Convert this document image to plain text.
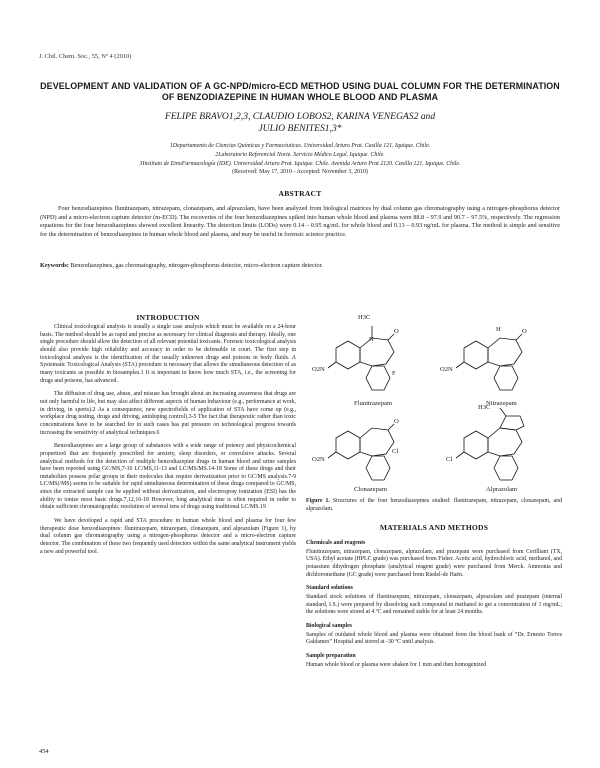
J. Chil. Chem. Soc., 55, Nº 4 (2010)
DEVELOPMENT AND VALIDATION OF A GC-NPD/micro-ECD METHOD USING DUAL COLUMN FOR THE DETERMINATION OF BENZODIAZEPINE IN HUMAN WHOLE BLOOD AND PLASMA
FELIPE BRAVO1,2,3, CLAUDIO LOBOS2, KARINA VENEGAS2 and
JULIO BENITES1,3*
1Departamento de Ciencias Químicas y Farmacéuticas. Universidad Arturo Prat. Casilla 121. Iquique. Chile.
2Laboratorio Referencial Norte. Servicio Médico Legal. Iquique. Chile.
3Instituto de EtnoFarmacología (IDE). Universidad Arturo Prat. Iquique. Chile. Avenida Arturo Prat 2120. Casilla 121. Iquique. Chile.
(Received: May 17, 2010 - Accepted: November 3, 2010)
ABSTRACT
Four benzodiazepines flunitrazepam, nitrazepam, clonazepam, and alprazolam, have been analyzed from biological matrices by dual column gas chromatography using a nitrogen-phosphorus detector (NPD) and a micro-electron capture detector (m-ECD). The recoveries of the four benzodiazepines spiked into human whole blood and plasma were 88.8 – 97.9 and 90.7 – 97.5%, respectively. The regression equations for the four benzodiazepines showed excellent linearity. The detection limits (LODs) were 0.14 – 0.95 ng/mL for whole blood and 0.13 – 0.93 ng/mL for plasma. The method is simple and sensitive for the determination of benzodiazepines in human whole blood and plasma, and may be useful in forensic science practice.
Keywords: Benzodiazepines, gas chromatography, nitrogen-phosphorus detector, micro-electron capture detector.
INTRODUCTION

Clinical toxicological analysis is usually a single case analysis which must be available on a 24-hour basis. The method should be as rapid and precise as necessary for clinical diagnosis and therapy. Ideally, one single procedure should allow the detection of all relevant potential toxicants. Forensic toxicological analysis should also provide high reliability and accuracy in order to be defensible in court. The first step in toxicological analysis is the identification of the usually unknown drugs and poisons in body fluids. A Systematic Toxicological Analysis (STA) procedure is necessary that allows the simultaneous detection of as many toxicants as possible in biosamples.1 It is important to know how much STA, i.e., the screening for drugs and poisons, has advanced.

The diffusion of drug use, abuse, and misuse has brought about an increasing awareness that drugs are not only harmful to life, but may also affect different aspects of human behaviour (e.g., performance at work, in driving, in sports).2 As a consequence, new spectrofields of application of STA have come up (e.g., workplace drug testing, drugs and driving, antidoping control).3-5 The fact that therapeutic rather than toxic concentrations have to be searched for in such cases has put pressure on technological progress towards increasing the sensitivity of analytical techniques.6

Benzodiazepines are a large group of substances with a wide range of potency and physicochemical properties6 that are frequently prescribed for anxiety, sleep disorders, or convulsive attacks. Several analytical methods for the detection of multiple benzodiazepine drugs in human blood and urine samples have been reported using GC/MS,7-10 LC/MS,11-13 and LC/MS/MS.14-18 Some of these drugs and their metabolites possess polar groups in their molecules that require derivatization prior to GC/MS analysis.7-9 LC/MS(/MS) seems to be suitable for rapid simultaneous determination of these drugs compared to GC/MS, since the extracted sample can be applied without derivatization, and electrospray ionization (ESI) has the ability to ionize most basic drugs.7,12,16-18 However, long analytical time is often required in order to obtain sufficient chromatographic resolution of several tens of drugs using traditional LC/MS.19

We have developed a rapid and STA procedure in human whole blood and plasma for four few therapeutic dose benzodiazepines: flunitrazepam, nitrazepam, clonazepam, and alprazolam (Figure 1), by dual column gas chromatography using a nitrogen-phosphorus detector and a micro-electron capture detector. The combination of these two frequently used detectors within the same analytical instrument yields a new and powerful tool.

H3C
N
O
O2N
F
H	O
O2N
O2N
Cl
O
H3C
Cl
Flunitrazepam	Nitrazepam
Clonazepam	Alprazolam
Figure 1. Structures of the four benzodiazepines studied: flunitrazepam, nitrazepam, clonazepam, and alprazolam.
MATERIALS AND METHODS
Chemicals and reagents

Flunitrazepam, nitrazepam, clonazepam, alprazolam, and prazepam were purchased from Cerilliant (TX, USA). Ethyl acetate (HPLC grade) was purchased from Fisher. Acetic acid, hydrochloric acid, methanol, and potassium dihydrogen phosphate (analytical reagent grade) were purchased from Merck. Ammonia and dichloromethane (GC grade) were purchased from Riedel-de Haën.

Standard solutions

Standard stock solutions of flunitrazepam, nitrazepam, clonazepam, alprazolam and prazepam (internal standard, I.S.) were prepared by dissolving each compound in methanol to get a concentration of 1 mg/mL; the solutions were stored at 4 ºC and remained stable for at least 24 months.

Biological samples

Samples of outdated whole blood and plasma were obtained from the blood bank of “Dr. Ernesto Torres Galdames” Hospital and stored at -30 ºC until analysis.

Sample preparation

Human whole blood or plasma were shaken for 1 min and then homogenized

454
